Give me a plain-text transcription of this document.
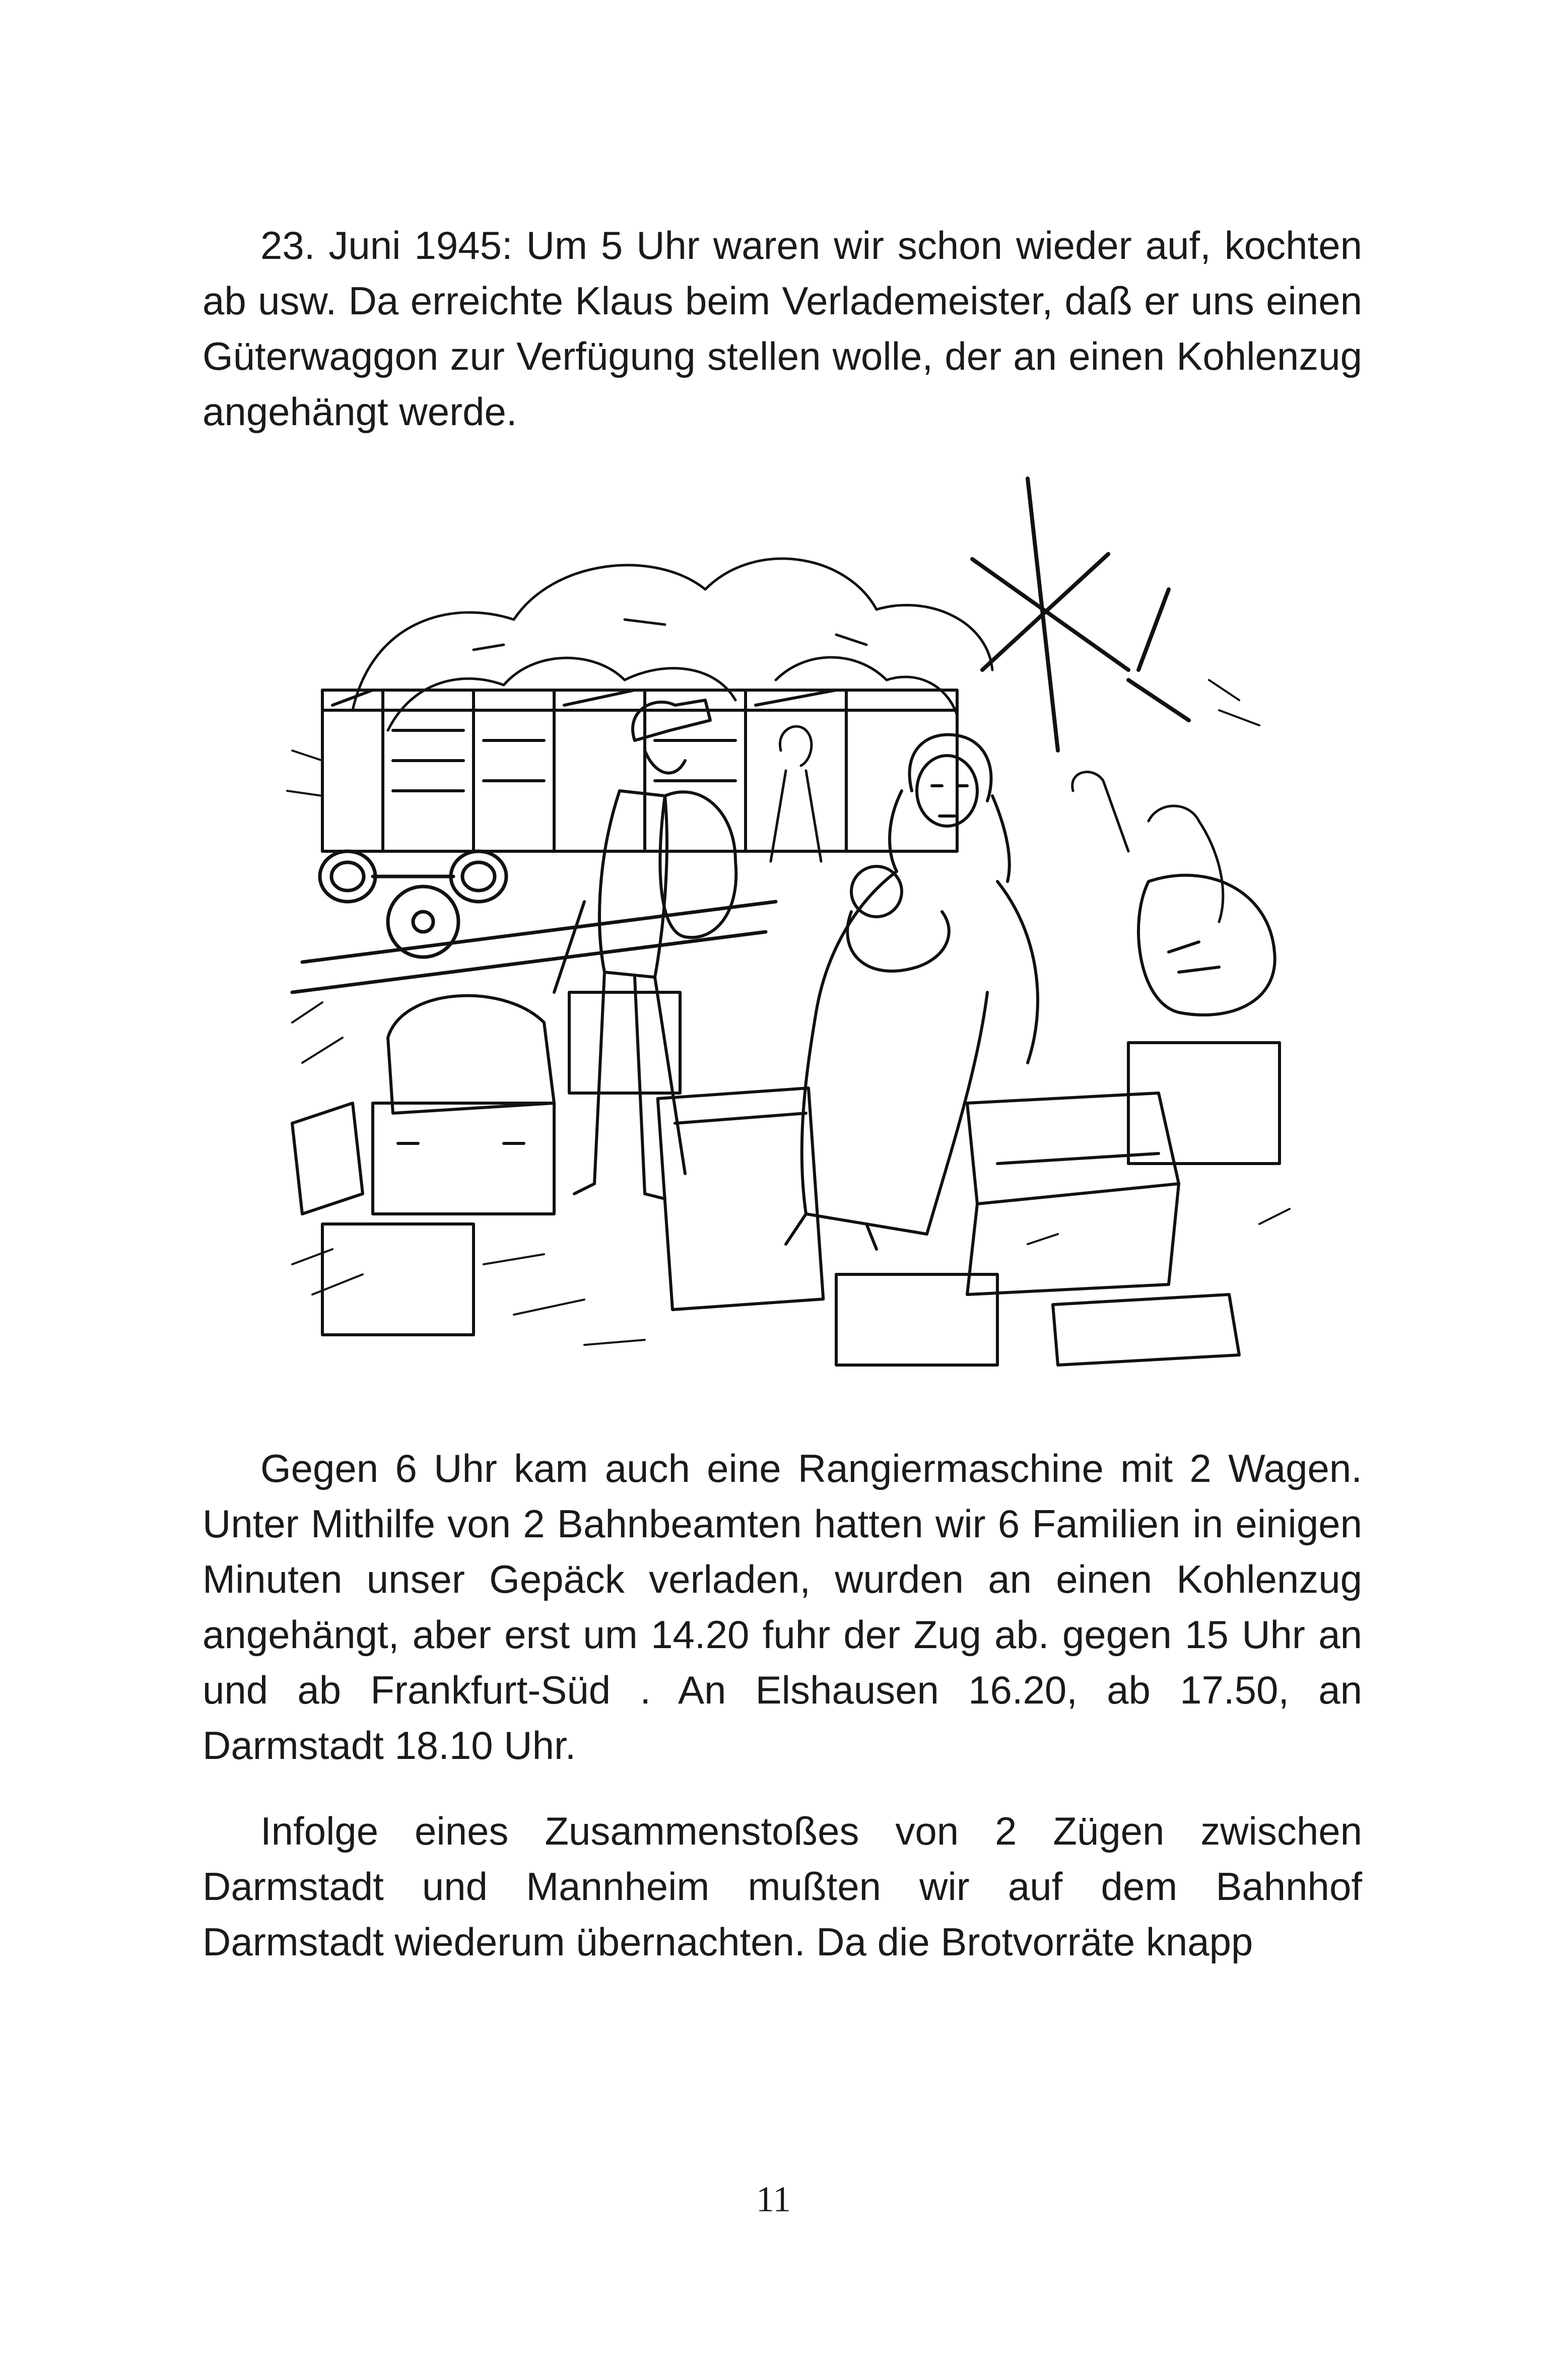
23. Juni 1945: Um 5 Uhr waren wir schon wieder auf, kochten ab usw. Da erreichte Klaus beim Verlademeister, daß er uns einen Güterwaggon zur Verfügung stellen wolle, der an einen Kohlenzug angehängt werde.

Gegen 6 Uhr kam auch eine Rangiermaschine mit 2 Wagen. Unter Mithilfe von 2 Bahnbeamten hatten wir 6 Familien in einigen Minuten unser Gepäck verladen, wurden an einen Kohlenzug angehängt, aber erst um 14.20 fuhr der Zug ab. gegen 15 Uhr an und ab Frankfurt-Süd . An Elshausen 16.20, ab 17.50, an Darmstadt 18.10 Uhr.

Infolge eines Zusammenstoßes von 2 Zügen zwischen Darmstadt und Mannheim mußten wir auf dem Bahnhof Darmstadt wiederum übernachten. Da die Brotvorräte knapp

11
